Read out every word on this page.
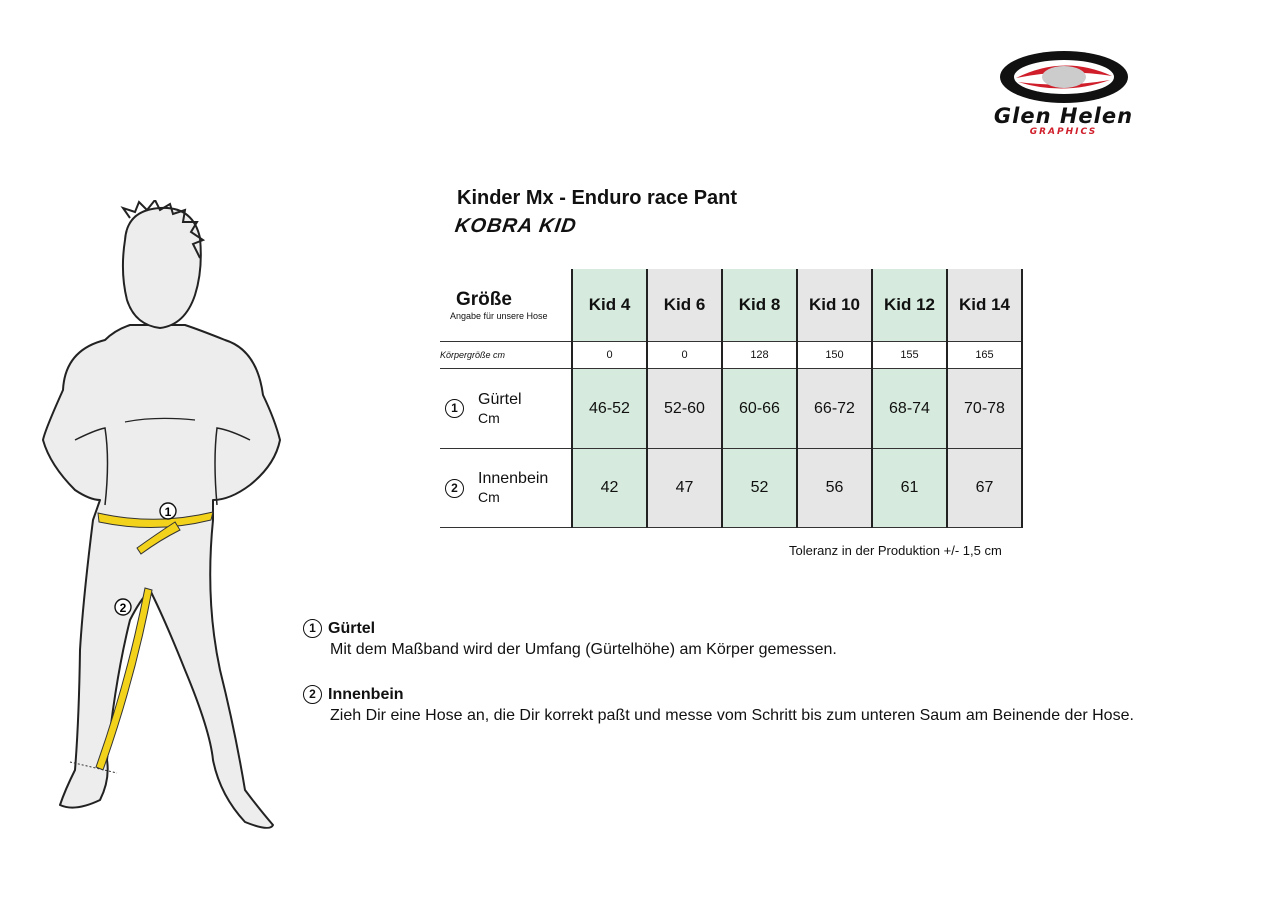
Glen Helen
GRAPHICS
Kinder Mx - Enduro race Pant
KOBRA KID
Größe
Angabe für unsere Hose	Kid 4	Kid 6	Kid 8	Kid 10	Kid 12	Kid 14
Körpergröße cm	0	0	128	150	155	165

1
Gürtel
Cm	46-52	52-60	60-66	66-72	68-74	70-78

2
Innenbein
Cm	42	47	52	56	61	67
Toleranz in der Produktion +/- 1,5 cm
1 Gürtel
Mit dem Maßband wird der Umfang (Gürtelhöhe) am Körper gemessen.
2 Innenbein
Zieh Dir eine Hose an, die Dir korrekt paßt und messe vom Schritt bis zum unteren Saum am Beinende der Hose.
1
2
